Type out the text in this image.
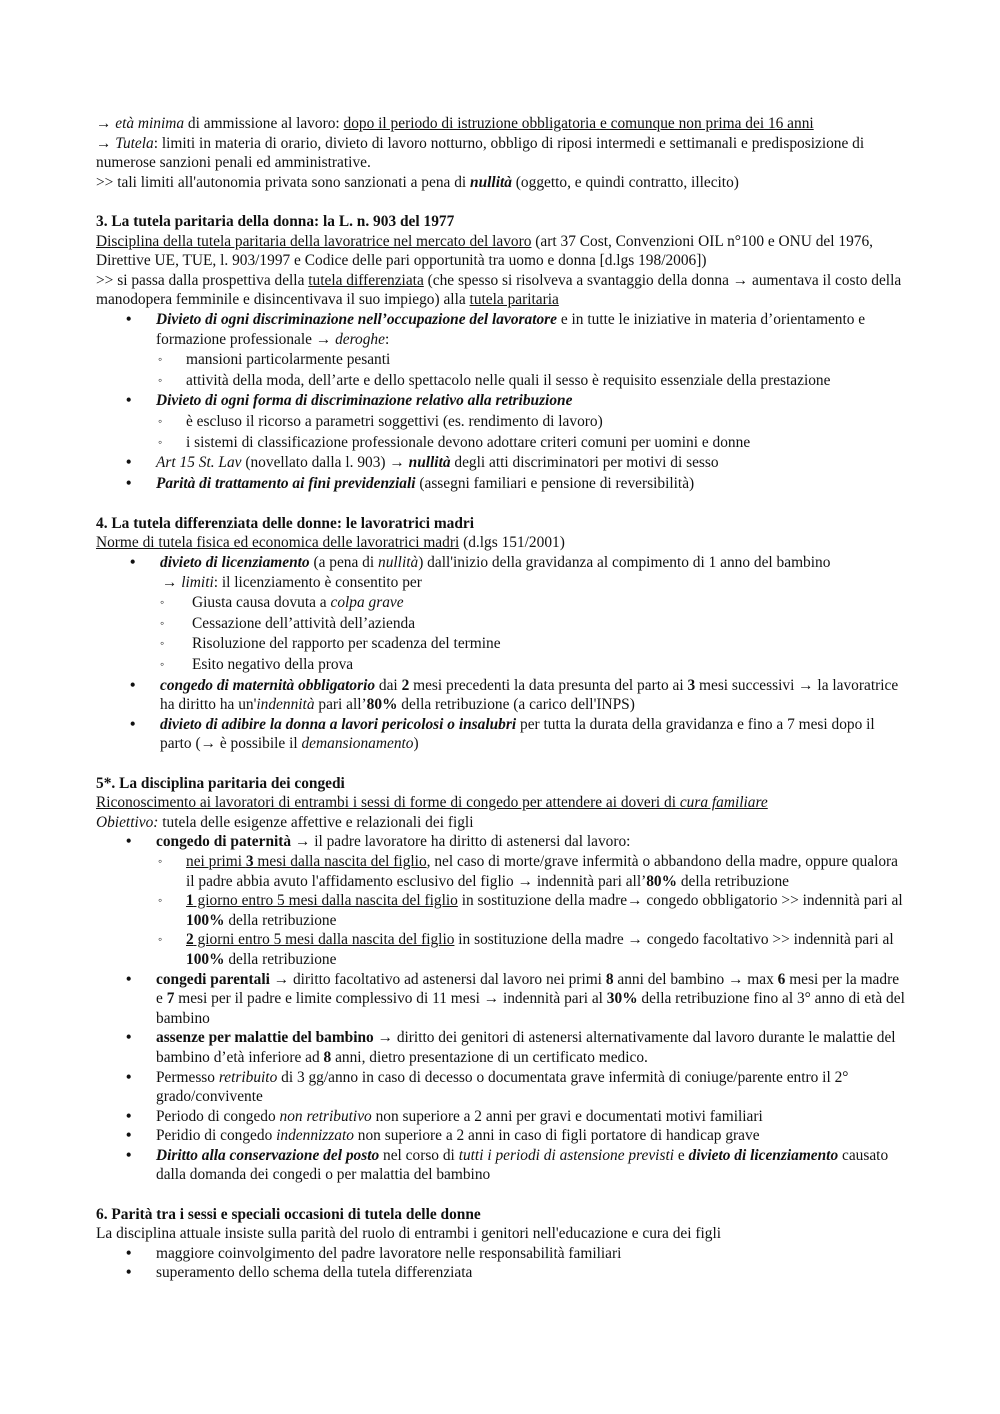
→ età minima di ammissione al lavoro: dopo il periodo di istruzione obbligatoria e comunque non prima dei 16 anni

→ Tutela: limiti in materia di orario, divieto di lavoro notturno, obbligo di riposi intermedi e settimanali e predisposizione di numerose sanzioni penali ed amministrative.

>> tali limiti all'autonomia privata sono sanzionati a pena di nullità (oggetto, e quindi contratto, illecito)

3. La tutela paritaria della donna: la L. n. 903 del 1977

Disciplina della tutela paritaria della lavoratrice nel mercato del lavoro (art 37 Cost, Convenzioni OIL n°100 e ONU del 1976, Direttive UE, TUE, l. 903/1997 e Codice delle pari opportunità tra uomo e donna [d.lgs 198/2006])

>> si passa dalla prospettiva della tutela differenziata (che spesso si risolveva a svantaggio della donna → aumentava il costo della manodopera femminile e disincentivava il suo impiego) alla tutela paritaria

• Divieto di ogni discriminazione nell’occupazione del lavoratore e in tutte le iniziative in materia d’orientamento e formazione professionale → deroghe:
◦ mansioni particolarmente pesanti
◦ attività della moda, dell’arte e dello spettacolo nelle quali il sesso è requisito essenziale della prestazione
• Divieto di ogni forma di discriminazione relativo alla retribuzione
◦ è escluso il ricorso a parametri soggettivi (es. rendimento di lavoro)
◦ i sistemi di classificazione professionale devono adottare criteri comuni per uomini e donne
• Art 15 St. Lav (novellato dalla l. 903) → nullità degli atti discriminatori per motivi di sesso
• Parità di trattamento ai fini previdenziali (assegni familiari e pensione di reversibilità)
4. La tutela differenziata delle donne: le lavoratrici madri

Norme di tutela fisica ed economica delle lavoratrici madri (d.lgs 151/2001)

• divieto di licenziamento (a pena di nullità) dall'inizio della gravidanza al compimento di 1 anno del bambino
→ limiti: il licenziamento è consentito per
◦ Giusta causa dovuta a colpa grave
◦ Cessazione dell’attività dell’azienda
◦ Risoluzione del rapporto per scadenza del termine
◦ Esito negativo della prova
• congedo di maternità obbligatorio dai 2 mesi precedenti la data presunta del parto ai 3 mesi successivi → la lavoratrice ha diritto ha un'indennità pari all’80% della retribuzione (a carico dell'INPS)
• divieto di adibire la donna a lavori pericolosi o insalubri per tutta la durata della gravidanza e fino a 7 mesi dopo il parto (→ è possibile il demansionamento)
5*. La disciplina paritaria dei congedi

Riconoscimento ai lavoratori di entrambi i sessi di forme di congedo per attendere ai doveri di cura familiare

Obiettivo: tutela delle esigenze affettive e relazionali dei figli

• congedo di paternità → il padre lavoratore ha diritto di astenersi dal lavoro:
◦ nei primi 3 mesi dalla nascita del figlio, nel caso di morte/grave infermità o abbandono della madre, oppure qualora il padre abbia avuto l'affidamento esclusivo del figlio → indennità pari all’80% della retribuzione
◦ 1 giorno entro 5 mesi dalla nascita del figlio in sostituzione della madre→ congedo obbligatorio >> indennità pari al 100% della retribuzione
◦ 2 giorni entro 5 mesi dalla nascita del figlio in sostituzione della madre → congedo facoltativo >> indennità pari al 100% della retribuzione
• congedi parentali → diritto facoltativo ad astenersi dal lavoro nei primi 8 anni del bambino → max 6 mesi per la madre e 7 mesi per il padre e limite complessivo di 11 mesi → indennità pari al 30% della retribuzione fino al 3° anno di età del bambino
• assenze per malattie del bambino → diritto dei genitori di astenersi alternativamente dal lavoro durante le malattie del bambino d’età inferiore ad 8 anni, dietro presentazione di un certificato medico.
• Permesso retribuito di 3 gg/anno in caso di decesso o documentata grave infermità di coniuge/parente entro il 2° grado/convivente
• Periodo di congedo non retributivo non superiore a 2 anni per gravi e documentati motivi familiari
• Peridio di congedo indennizzato non superiore a 2 anni in caso di figli portatore di handicap grave
• Diritto alla conservazione del posto nel corso di tutti i periodi di astensione previsti e divieto di licenziamento causato dalla domanda dei congedi o per malattia del bambino
6. Parità tra i sessi e speciali occasioni di tutela delle donne

La disciplina attuale insiste sulla parità del ruolo di entrambi i genitori nell'educazione e cura dei figli

• maggiore coinvolgimento del padre lavoratore nelle responsabilità familiari
• superamento dello schema della tutela differenziata
